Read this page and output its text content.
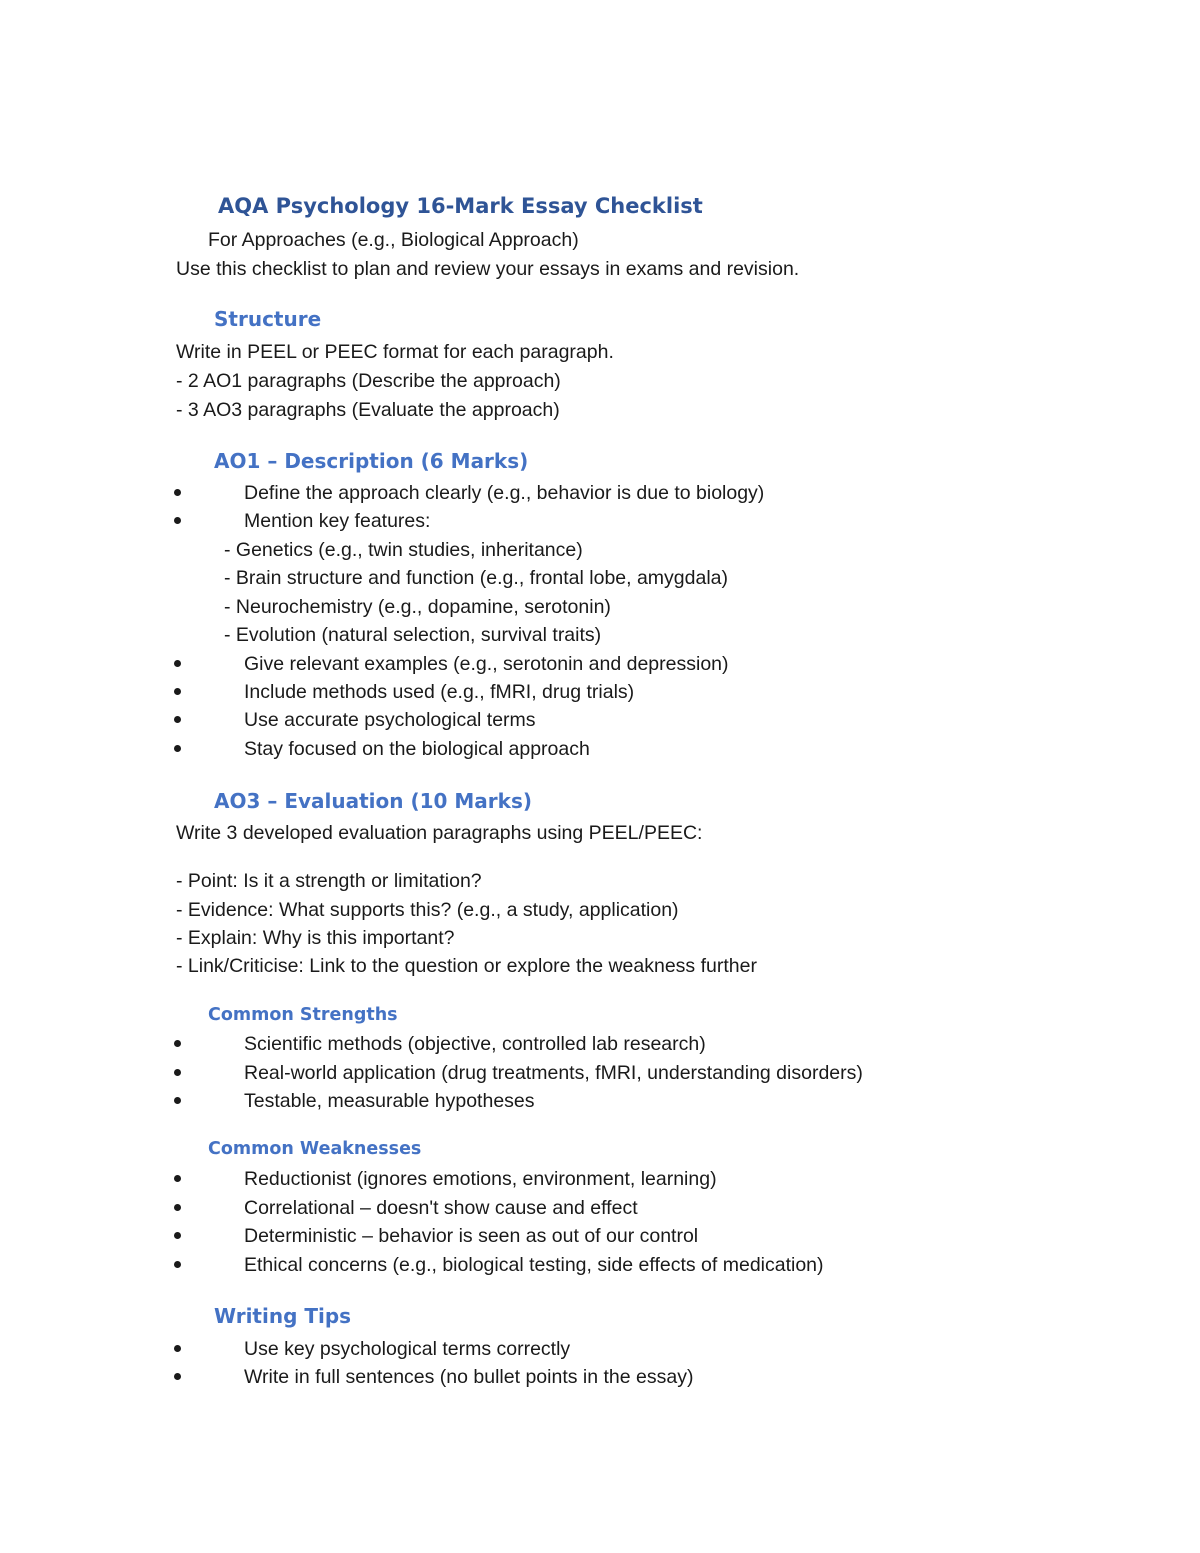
AQA Psychology 16-Mark Essay Checklist
For Approaches (e.g., Biological Approach)
Use this checklist to plan and review your essays in exams and revision.
Structure
Write in PEEL or PEEC format for each paragraph.
- 2 AO1 paragraphs (Describe the approach)
- 3 AO3 paragraphs (Evaluate the approach)
AO1 – Description (6 Marks)
Define the approach clearly (e.g., behavior is due to biology)
Mention key features:
- Genetics (e.g., twin studies, inheritance)
- Brain structure and function (e.g., frontal lobe, amygdala)
- Neurochemistry (e.g., dopamine, serotonin)
- Evolution (natural selection, survival traits)
Give relevant examples (e.g., serotonin and depression)
Include methods used (e.g., fMRI, drug trials)
Use accurate psychological terms
Stay focused on the biological approach
AO3 – Evaluation (10 Marks)
Write 3 developed evaluation paragraphs using PEEL/PEEC:
- Point: Is it a strength or limitation?
- Evidence: What supports this? (e.g., a study, application)
- Explain: Why is this important?
- Link/Criticise: Link to the question or explore the weakness further
Common Strengths
Scientific methods (objective, controlled lab research)
Real-world application (drug treatments, fMRI, understanding disorders)
Testable, measurable hypotheses
Common Weaknesses
Reductionist (ignores emotions, environment, learning)
Correlational – doesn't show cause and effect
Deterministic – behavior is seen as out of our control
Ethical concerns (e.g., biological testing, side effects of medication)
Writing Tips
Use key psychological terms correctly
Write in full sentences (no bullet points in the essay)
